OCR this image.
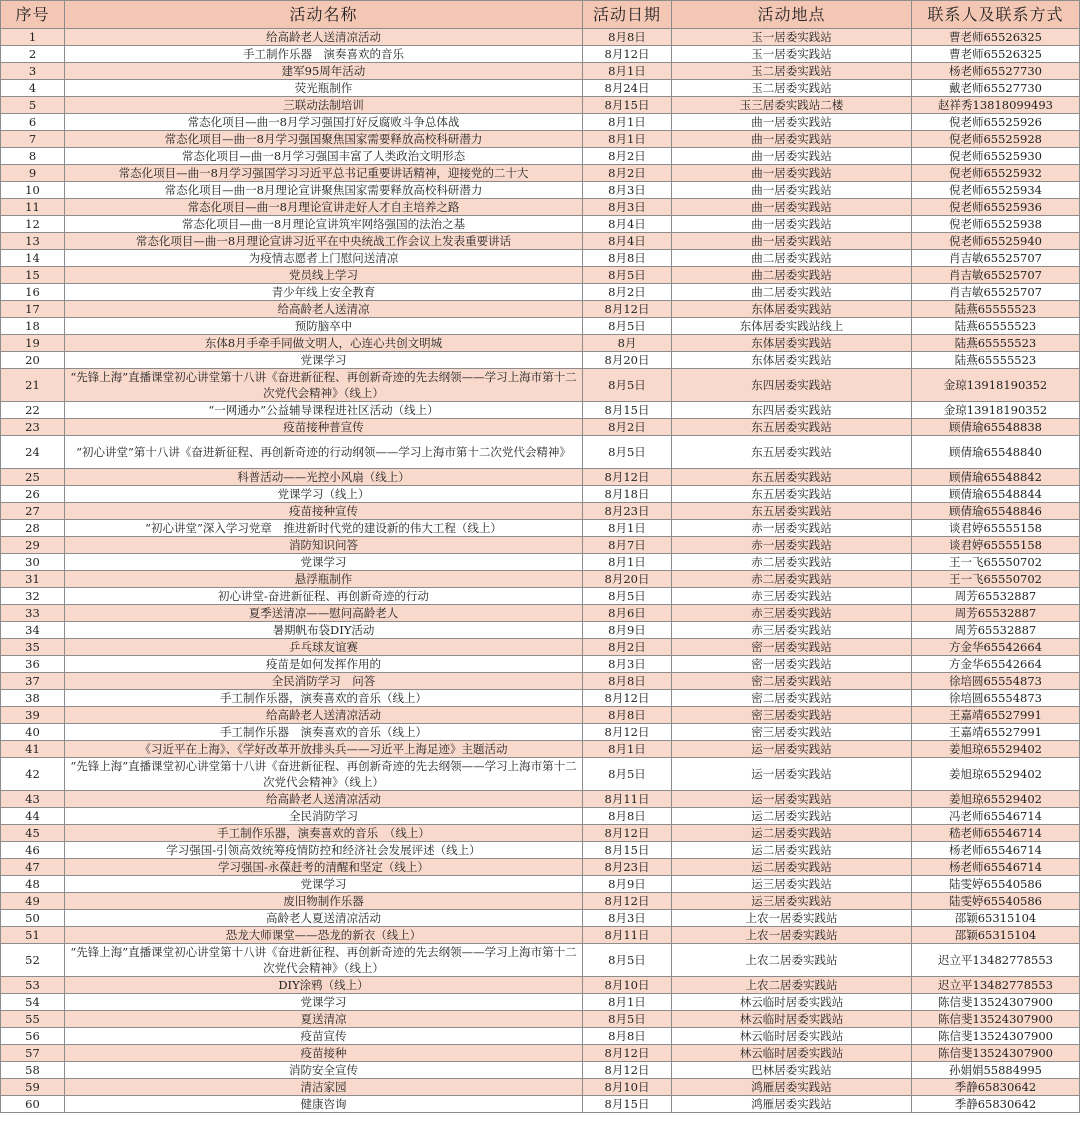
序号	活动名称	活动日期	活动地点	联系人及联系方式
1	给高龄老人送清凉活动	8月8日	玉一居委实践站	曹老师65526325
2	手工制作乐器　演奏喜欢的音乐	8月12日	玉一居委实践站	曹老师65526325
3	建军95周年活动	8月1日	玉二居委实践站	杨老师65527730
4	荧光瓶制作	8月24日	玉二居委实践站	戴老师65527730
5	三联动法制培训	8月15日	玉三居委实践站二楼	赵祥秀13818099493
6	常态化项目—曲一8月学习强国打好反腐败斗争总体战	8月1日	曲一居委实践站	倪老师65525926
7	常态化项目—曲一8月学习强国聚焦国家需要释放高校科研潜力	8月1日	曲一居委实践站	倪老师65525928
8	常态化项目—曲一8月学习强国丰富了人类政治文明形态	8月2日	曲一居委实践站	倪老师65525930
9	常态化项目—曲一8月学习强国学习习近平总书记重要讲话精神，迎接党的二十大	8月2日	曲一居委实践站	倪老师65525932
10	常态化项目—曲一8月理论宣讲聚焦国家需要释放高校科研潜力	8月3日	曲一居委实践站	倪老师65525934
11	常态化项目—曲一8月理论宣讲走好人才自主培养之路	8月3日	曲一居委实践站	倪老师65525936
12	常态化项目—曲一8月理论宣讲筑牢网络强国的法治之基	8月4日	曲一居委实践站	倪老师65525938
13	常态化项目—曲一8月理论宣讲习近平在中央统战工作会议上发表重要讲话	8月4日	曲一居委实践站	倪老师65525940
14	为疫情志愿者上门慰问送清凉	8月8日	曲二居委实践站	肖吉敏65525707
15	党员线上学习	8月5日	曲二居委实践站	肖吉敏65525707
16	青少年线上安全教育	8月2日	曲二居委实践站	肖吉敏65525707
17	给高龄老人送清凉	8月12日	东体居委实践站	陆燕65555523
18	预防脑卒中	8月5日	东体居委实践站线上	陆燕65555523
19	东体8月手牵手同做文明人，心连心共创文明城	8月	东体居委实践站	陆燕65555523
20	党课学习	8月20日	东体居委实践站	陆燕65555523
21	“先锋上海”直播课堂初心讲堂第十八讲《奋进新征程、再创新奇迹的先去纲领——学习上海市第十二次党代会精神》（线上）	8月5日	东四居委实践站	金琼13918190352
22	“一网通办”公益辅导课程进社区活动（线上）	8月15日	东四居委实践站	金琼13918190352
23	疫苗接种普宣传	8月2日	东五居委实践站	顾倩瑜65548838
24	“初心讲堂”第十八讲《奋进新征程、再创新奇迹的行动纲领——学习上海市第十二次党代会精神》	8月5日	东五居委实践站	顾倩瑜65548840
25	科普活动——光控小风扇（线上）	8月12日	东五居委实践站	顾倩瑜65548842
26	党课学习（线上）	8月18日	东五居委实践站	顾倩瑜65548844
27	疫苗接种宣传	8月23日	东五居委实践站	顾倩瑜65548846
28	“初心讲堂”深入学习党章　推进新时代党的建设新的伟大工程（线上）	8月1日	赤一居委实践站	谈君婷65555158
29	消防知识问答	8月7日	赤一居委实践站	谈君婷65555158
30	党课学习	8月1日	赤二居委实践站	王一飞65550702
31	悬浮瓶制作	8月20日	赤二居委实践站	王一飞65550702
32	初心讲堂-奋进新征程、再创新奇迹的行动	8月5日	赤三居委实践站	周芳65532887
33	夏季送清凉——慰问高龄老人	8月6日	赤三居委实践站	周芳65532887
34	暑期帆布袋DIY活动	8月9日	赤三居委实践站	周芳65532887
35	乒乓球友谊赛	8月2日	密一居委实践站	方金华65542664
36	疫苗是如何发挥作用的	8月3日	密一居委实践站	方金华65542664
37	全民消防学习　问答	8月8日	密二居委实践站	徐培圆65554873
38	手工制作乐器，演奏喜欢的音乐（线上）	8月12日	密二居委实践站	徐培圆65554873
39	给高龄老人送清凉活动	8月8日	密三居委实践站	王嘉靖65527991
40	手工制作乐器　演奏喜欢的音乐（线上）	8月12日	密三居委实践站	王嘉靖65527991
41	《习近平在上海》、《学好改革开放排头兵——习近平上海足迹》主题活动	8月1日	运一居委实践站	姜旭琼65529402
42	“先锋上海”直播课堂初心讲堂第十八讲《奋进新征程、再创新奇迹的先去纲领——学习上海市第十二次党代会精神》（线上）	8月5日	运一居委实践站	姜旭琼65529402
43	给高龄老人送清凉活动	8月11日	运一居委实践站	姜旭琼65529402
44	全民消防学习	8月8日	运二居委实践站	冯老师65546714
45	手工制作乐器，演奏喜欢的音乐　（线上）	8月12日	运二居委实践站	嵇老师65546714
46	学习强国-引领高效统筹疫情防控和经济社会发展评述（线上）	8月15日	运二居委实践站	杨老师65546714
47	学习强国-永葆赶考的清醒和坚定（线上）	8月23日	运二居委实践站	杨老师65546714
48	党课学习	8月9日	运三居委实践站	陆雯婷65540586
49	废旧物制作乐器	8月12日	运三居委实践站	陆雯婷65540586
50	高龄老人夏送清凉活动	8月3日	上农一居委实践站	邵颖65315104
51	恐龙大师课堂——恐龙的新衣（线上）	8月11日	上农一居委实践站	邵颖65315104
52	“先锋上海”直播课堂初心讲堂第十八讲《奋进新征程、再创新奇迹的先去纲领——学习上海市第十二次党代会精神》（线上）	8月5日	上农二居委实践站	迟立平13482778553
53	DIY涂鸦（线上）	8月10日	上农二居委实践站	迟立平13482778553
54	党课学习	8月1日	林云临时居委实践站	陈信斐13524307900
55	夏送清凉	8月5日	林云临时居委实践站	陈信斐13524307900
56	疫苗宣传	8月8日	林云临时居委实践站	陈信斐13524307900
57	疫苗接种	8月12日	林云临时居委实践站	陈信斐13524307900
58	消防安全宣传	8月12日	巴林居委实践站	孙娟娟55884995
59	清洁家园	8月10日	鸿雁居委实践站	季静65830642
60	健康咨询	8月15日	鸿雁居委实践站	季静65830642
